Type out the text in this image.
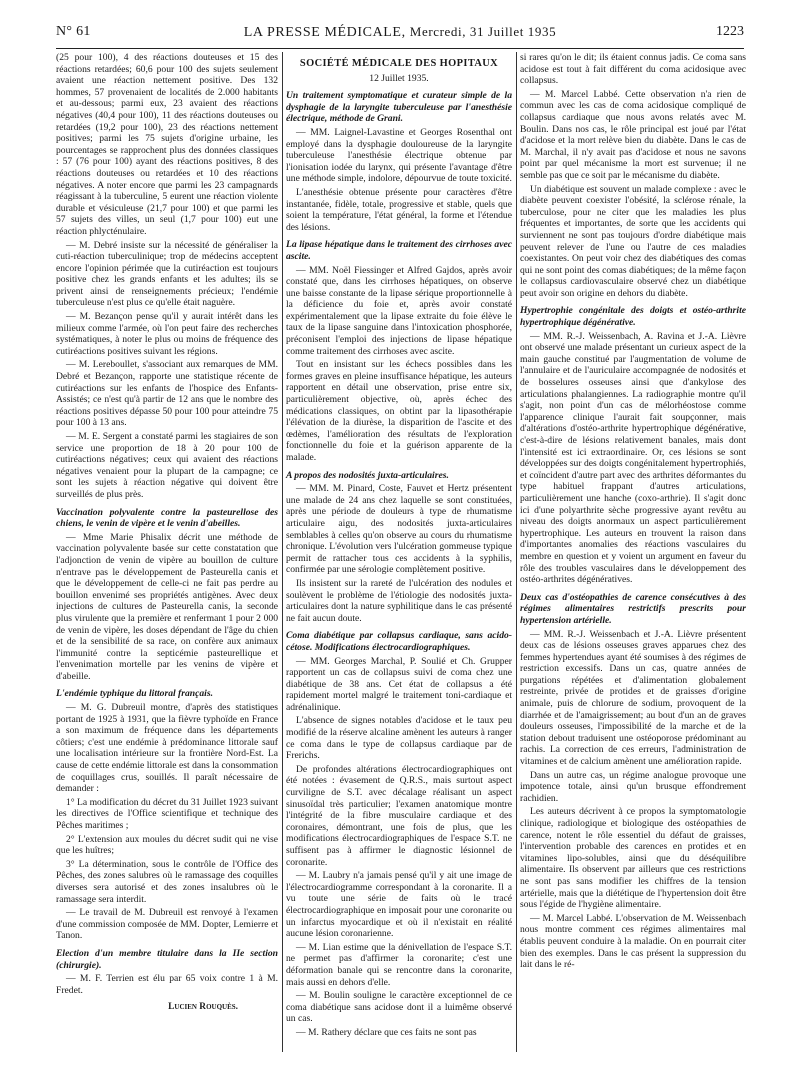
N° 61	LA PRESSE MÉDICALE, Mercredi, 31 Juillet 1935	1223

(25 pour 100), 4 des réactions douteuses et 15 des réactions retardées; 60,6 pour 100 des sujets seulement avaient une réaction nettement positive. Des 132 hommes, 57 provenaient de localités de 2.000 habitants et au-dessous; parmi eux, 23 avaient des réactions négatives (40,4 pour 100), 11 des réactions douteuses ou retardées (19,2 pour 100), 23 des réactions nettement positives; parmi les 75 sujets d'origine urbaine, les pourcentages se rapprochent plus des données classiques : 57 (76 pour 100) ayant des réactions positives, 8 des réactions douteuses ou retardées et 10 des réactions négatives. A noter encore que parmi les 23 campagnards réagissant à la tuberculine, 5 eurent une réaction violente durable et vésiculeuse (21,7 pour 100) et que parmi les 57 sujets des villes, un seul (1,7 pour 100) eut une réaction phlycténulaire.

— M. Debré insiste sur la nécessité de généraliser la cuti-réaction tuberculinique; trop de médecins acceptent encore l'opinion périmée que la cutiréaction est toujours positive chez les grands enfants et les adultes; ils se privent ainsi de renseignements précieux; l'endémie tuberculeuse n'est plus ce qu'elle était naguère.

— M. Bezançon pense qu'il y aurait intérêt dans les milieux comme l'armée, où l'on peut faire des recherches systématiques, à noter le plus ou moins de fréquence des cutiréactions positives suivant les régions.

— M. Lereboullet, s'associant aux remarques de MM. Debré et Bezançon, rapporte une statistique récente de cutiréactions sur les enfants de l'hospice des Enfants-Assistés; ce n'est qu'à partir de 12 ans que le nombre des réactions positives dépasse 50 pour 100 pour atteindre 75 pour 100 à 13 ans.

— M. E. Sergent a constaté parmi les stagiaires de son service une proportion de 18 à 20 pour 100 de cutiréactions négatives; ceux qui avaient des réactions négatives venaient pour la plupart de la campagne; ce sont les sujets à réaction négative qui doivent être surveillés de plus près.

Vaccination polyvalente contre la pasteurellose des chiens, le venin de vipère et le venin d'abeilles.

— Mme Marie Phisalix décrit une méthode de vaccination polyvalente basée sur cette constatation que l'adjonction de venin de vipère au bouillon de culture n'entrave pas le développement de Pasteurella canis et que le développement de celle-ci ne fait pas perdre au bouillon envenimé ses propriétés antigènes. Avec deux injections de cultures de Pasteurella canis, la seconde plus virulente que la première et renfermant 1 pour 2 000 de venin de vipère, les doses dépendant de l'âge du chien et de la sensibilité de sa race, on confère aux animaux l'immunité contre la septicémie pasteurellique et l'envenimation mortelle par les venins de vipère et d'abeille.

L'endémie typhique du littoral français.

— M. G. Dubreuil montre, d'après des statistiques portant de 1925 à 1931, que la fièvre typhoïde en France a son maximum de fréquence dans les départements côtiers; c'est une endémie à prédominance littorale sauf une localisation intérieure sur la frontière Nord-Est. La cause de cette endémie littorale est dans la consommation de coquillages crus, souillés. Il paraît nécessaire de demander :

1° La modification du décret du 31 Juillet 1923 suivant les directives de l'Office scientifique et technique des Pêches maritimes ;

2° L'extension aux moules du décret sudit qui ne vise que les huîtres;

3° La détermination, sous le contrôle de l'Office des Pêches, des zones salubres où le ramassage des coquilles diverses sera autorisé et des zones insalubres où le ramassage sera interdit.

— Le travail de M. Dubreuil est renvoyé à l'examen d'une commission composée de MM. Dopter, Lemierre et Tanon.

Election d'un membre titulaire dans la IIe section (chirurgie).

— M. F. Terrien est élu par 65 voix contre 1 à M. Fredet.

Lucien Rouquès.

SOCIÉTÉ MÉDICALE DES HOPITAUX

12 Juillet 1935.

Un traitement symptomatique et curateur simple de la dysphagie de la laryngite tuberculeuse par l'anesthésie électrique, méthode de Grani.

— MM. Laignel-Lavastine et Georges Rosenthal ont employé dans la dysphagie douloureuse de la laryngite tuberculeuse l'anesthésie électrique obtenue par l'ionisation iodée du larynx, qui présente l'avantage d'être une méthode simple, indolore, dépourvue de toute toxicité.

L'anesthésie obtenue présente pour caractères d'être instantanée, fidèle, totale, progressive et stable, quels que soient la température, l'état général, la forme et l'étendue des lésions.

La lipase hépatique dans le traitement des cirrhoses avec ascite.

— MM. Noël Fiessinger et Alfred Gajdos, après avoir constaté que, dans les cirrhoses hépatiques, on observe une baisse constante de la lipase sérique proportionnelle à la déficience du foie et, après avoir constaté expérimentalement que la lipase extraite du foie élève le taux de la lipase sanguine dans l'intoxication phosphorée, préconisent l'emploi des injections de lipase hépatique comme traitement des cirrhoses avec ascite.

Tout en insistant sur les échecs possibles dans les formes graves en pleine insuffisance hépatique, les auteurs rapportent en détail une observation, prise entre six, particulièrement objective, où, après échec des médications classiques, on obtint par la lipasothérapie l'élévation de la diurèse, la disparition de l'ascite et des œdèmes, l'amélioration des résultats de l'exploration fonctionnelle du foie et la guérison apparente de la malade.

A propos des nodosités juxta-articulaires.

— MM. M. Pinard, Coste, Fauvet et Hertz présentent une malade de 24 ans chez laquelle se sont constituées, après une période de douleurs à type de rhumatisme articulaire aigu, des nodosités juxta-articulaires semblables à celles qu'on observe au cours du rhumatisme chronique. L'évolution vers l'ulcération gommeuse typique permit de rattacher tous ces accidents à la syphilis, confirmée par une sérologie complètement positive.

Ils insistent sur la rareté de l'ulcération des nodules et soulèvent le problème de l'étiologie des nodosités juxta-articulaires dont la nature syphilitique dans le cas présenté ne fait aucun doute.

Coma diabétique par collapsus cardiaque, sans acido-cétose. Modifications électrocardiographiques.

— MM. Georges Marchal, P. Soulié et Ch. Grupper rapportent un cas de collapsus suivi de coma chez une diabétique de 38 ans. Cet état de collapsus a été rapidement mortel malgré le traitement toni-cardiaque et adrénalinique.

L'absence de signes notables d'acidose et le taux peu modifié de la réserve alcaline amènent les auteurs à ranger ce coma dans le type de collapsus cardiaque par de Frerichs.

De profondes altérations électrocardiographiques ont été notées : évasement de Q.R.S., mais surtout aspect curviligne de S.T. avec décalage réalisant un aspect sinusoïdal très particulier; l'examen anatomique montre l'intégrité de la fibre musculaire cardiaque et des coronaires, démontrant, une fois de plus, que les modifications électrocardiographiques de l'espace S.T. ne suffisent pas à affirmer le diagnostic lésionnel de coronarite.

— M. Laubry n'a jamais pensé qu'il y ait une image de l'électrocardiogramme correspondant à la coronarite. Il a vu toute une série de faits où le tracé électrocardiographique en imposait pour une coronarite ou un infarctus myocardique et où il n'existait en réalité aucune lésion coronarienne.

— M. Lian estime que la dénivellation de l'espace S.T. ne permet pas d'affirmer la coronarite; c'est une déformation banale qui se rencontre dans la coronarite, mais aussi en dehors d'elle.

— M. Boulin souligne le caractère exceptionnel de ce coma diabétique sans acidose dont il a luimême observé un cas.

— M. Rathery déclare que ces faits ne sont pas

si rares qu'on le dit; ils étaient connus jadis. Ce coma sans acidose est tout à fait différent du coma acidosique avec collapsus.

— M. Marcel Labbé. Cette observation n'a rien de commun avec les cas de coma acidosique compliqué de collapsus cardiaque que nous avons relatés avec M. Boulin. Dans nos cas, le rôle principal est joué par l'état d'acidose et la mort relève bien du diabète. Dans le cas de M. Marchal, il n'y avait pas d'acidose et nous ne savons point par quel mécanisme la mort est survenue; il ne semble pas que ce soit par le mécanisme du diabète.

Un diabétique est souvent un malade complexe : avec le diabète peuvent coexister l'obésité, la sclérose rénale, la tuberculose, pour ne citer que les maladies les plus fréquentes et importantes, de sorte que les accidents qui surviennent ne sont pas toujours d'ordre diabétique mais peuvent relever de l'une ou l'autre de ces maladies coexistantes. On peut voir chez des diabétiques des comas qui ne sont point des comas diabétiques; de la même façon le collapsus cardiovasculaire observé chez un diabétique peut avoir son origine en dehors du diabète.

Hypertrophie congénitale des doigts et ostéo-arthrite hypertrophique dégénérative.

— MM. R.-J. Weissenbach, A. Ravina et J.-A. Lièvre ont observé une malade présentant un curieux aspect de la main gauche constitué par l'augmentation de volume de l'annulaire et de l'auriculaire accompagnée de nodosités et de bosselures osseuses ainsi que d'ankylose des articulations phalangiennes. La radiographie montre qu'il s'agit, non point d'un cas de mélorhéostose comme l'apparence clinique l'aurait fait soupçonner, mais d'altérations d'ostéo-arthrite hypertrophique dégénérative, c'est-à-dire de lésions relativement banales, mais dont l'intensité est ici extraordinaire. Or, ces lésions se sont développées sur des doigts congénitalement hypertrophiés, et coïncident d'autre part avec des arthrites déformantes du type habituel frappant d'autres articulations, particulièrement une hanche (coxo-arthrie). Il s'agit donc ici d'une polyarthrite sèche progressive ayant revêtu au niveau des doigts anormaux un aspect particulièrement hypertrophique. Les auteurs en trouvent la raison dans d'importantes anomalies des réactions vasculaires du membre en question et y voient un argument en faveur du rôle des troubles vasculaires dans le développement des ostéo-arthrites dégénératives.

Deux cas d'ostéopathies de carence consécutives à des régimes alimentaires restrictifs prescrits pour hypertension artérielle.

— MM. R.-J. Weissenbach et J.-A. Lièvre présentent deux cas de lésions osseuses graves apparues chez des femmes hypertendues ayant été soumises à des régimes de restriction excessifs. Dans un cas, quatre années de purgations répétées et d'alimentation globalement restreinte, privée de protides et de graisses d'origine animale, puis de chlorure de sodium, provoquent de la diarrhée et de l'amaigrissement; au bout d'un an de graves douleurs osseuses, l'impossibilité de la marche et de la station debout traduisent une ostéoporose prédominant au rachis. La correction de ces erreurs, l'administration de vitamines et de calcium amènent une amélioration rapide.

Dans un autre cas, un régime analogue provoque une impotence totale, ainsi qu'un brusque effondrement rachidien.

Les auteurs décrivent à ce propos la symptomatologie clinique, radiologique et biologique des ostéopathies de carence, notent le rôle essentiel du défaut de graisses, l'intervention probable des carences en protides et en vitamines lipo-solubles, ainsi que du déséquilibre alimentaire. Ils observent par ailleurs que ces restrictions ne sont pas sans modifier les chiffres de la tension artérielle, mais que la diététique de l'hypertension doit être sous l'égide de l'hygiène alimentaire.

— M. Marcel Labbé. L'observation de M. Weissenbach nous montre comment ces régimes alimentaires mal établis peuvent conduire à la maladie. On en pourrait citer bien des exemples. Dans le cas présent la suppression du lait dans le ré-
